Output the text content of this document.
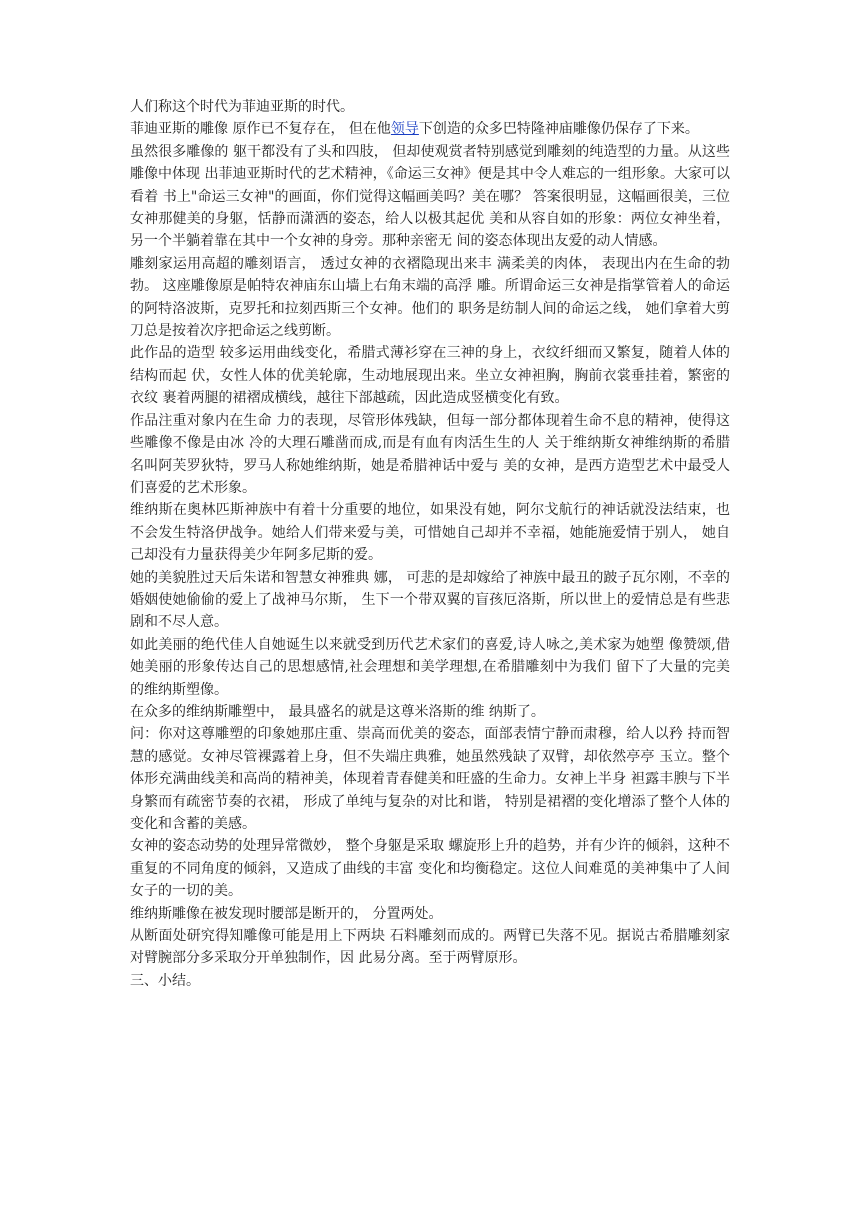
人们称这个时代为菲迪亚斯的时代。

菲迪亚斯的雕像 原作已不复存在， 但在他领导下创造的众多巴特隆神庙雕像仍保存了下来。

虽然很多雕像的 躯干都没有了头和四肢， 但却使观赏者特别感觉到雕刻的纯造型的力量。从这些雕像中体现 出菲迪亚斯时代的艺术精神，《命运三女神》便是其中令人难忘的一组形象。大家可以看着 书上"命运三女神"的画面，你们觉得这幅画美吗？美在哪？ 答案很明显，这幅画很美，三位女神那健美的身躯，恬静而潇洒的姿态，给人以极其起优 美和从容自如的形象：两位女神坐着，另一个半躺着靠在其中一个女神的身旁。那种亲密无 间的姿态体现出友爱的动人情感。

雕刻家运用高超的雕刻语言， 透过女神的衣褶隐现出来丰 满柔美的肉体， 表现出内在生命的勃勃。 这座雕像原是帕特农神庙东山墙上右角末端的高浮 雕。所谓命运三女神是指掌管着人的命运的阿特洛波斯，克罗托和拉刻西斯三个女神。他们的 职务是纺制人间的命运之线， 她们拿着大剪刀总是按着次序把命运之线剪断。

此作品的造型 较多运用曲线变化，希腊式薄衫穿在三神的身上，衣纹纤细而又繁复，随着人体的结构而起 伏，女性人体的优美轮廓，生动地展现出来。坐立女神袒胸，胸前衣裳垂挂着，繁密的衣纹 裹着两腿的裙褶成横线，越往下部越疏，因此造成竖横变化有致。

作品注重对象内在生命 力的表现，尽管形体残缺，但每一部分都体现着生命不息的精神，使得这些雕像不像是由冰 冷的大理石雕凿而成,而是有血有肉活生生的人 关于维纳斯女神维纳斯的希腊名叫阿芙罗狄特，罗马人称她维纳斯，她是希腊神话中爱与 美的女神，是西方造型艺术中最受人们喜爱的艺术形象。

维纳斯在奥林匹斯神族中有着十分重要的地位，如果没有她，阿尔戈航行的神话就没法结束，也不会发生特洛伊战争。她给人们带来爱与美，可惜她自己却并不幸福，她能施爱情于别人， 她自己却没有力量获得美少年阿多尼斯的爱。

她的美貌胜过天后朱诺和智慧女神雅典 娜， 可悲的是却嫁给了神族中最丑的跛子瓦尔刚，不幸的婚姻使她偷偷的爱上了战神马尔斯， 生下一个带双翼的盲孩厄洛斯，所以世上的爱情总是有些悲剧和不尽人意。

如此美丽的绝代佳人自她诞生以来就受到历代艺术家们的喜爱,诗人咏之,美术家为她塑 像赞颂,借她美丽的形象传达自己的思想感情,社会理想和美学理想,在希腊雕刻中为我们 留下了大量的完美的维纳斯塑像。

在众多的维纳斯雕塑中， 最具盛名的就是这尊米洛斯的维 纳斯了。

问：你对这尊雕塑的印象她那庄重、崇高而优美的姿态，面部表情宁静而肃穆，给人以矜 持而智慧的感觉。女神尽管裸露着上身，但不失端庄典雅，她虽然残缺了双臂，却依然亭亭 玉立。整个体形充满曲线美和高尚的精神美，体现着青春健美和旺盛的生命力。女神上半身 袒露丰腴与下半身繁而有疏密节奏的衣裙， 形成了单纯与复杂的对比和谐， 特别是裙褶的变化增添了整个人体的变化和含蓄的美感。

女神的姿态动势的处理异常微妙， 整个身躯是采取 螺旋形上升的趋势，并有少许的倾斜，这种不重复的不同角度的倾斜，又造成了曲线的丰富 变化和均衡稳定。这位人间难觅的美神集中了人间女子的一切的美。

维纳斯雕像在被发现时腰部是断开的， 分置两处。

从断面处研究得知雕像可能是用上下两块 石料雕刻而成的。两臂已失落不见。据说古希腊雕刻家对臂腕部分多采取分开单独制作，因 此易分离。至于两臂原形。

三、小结。
